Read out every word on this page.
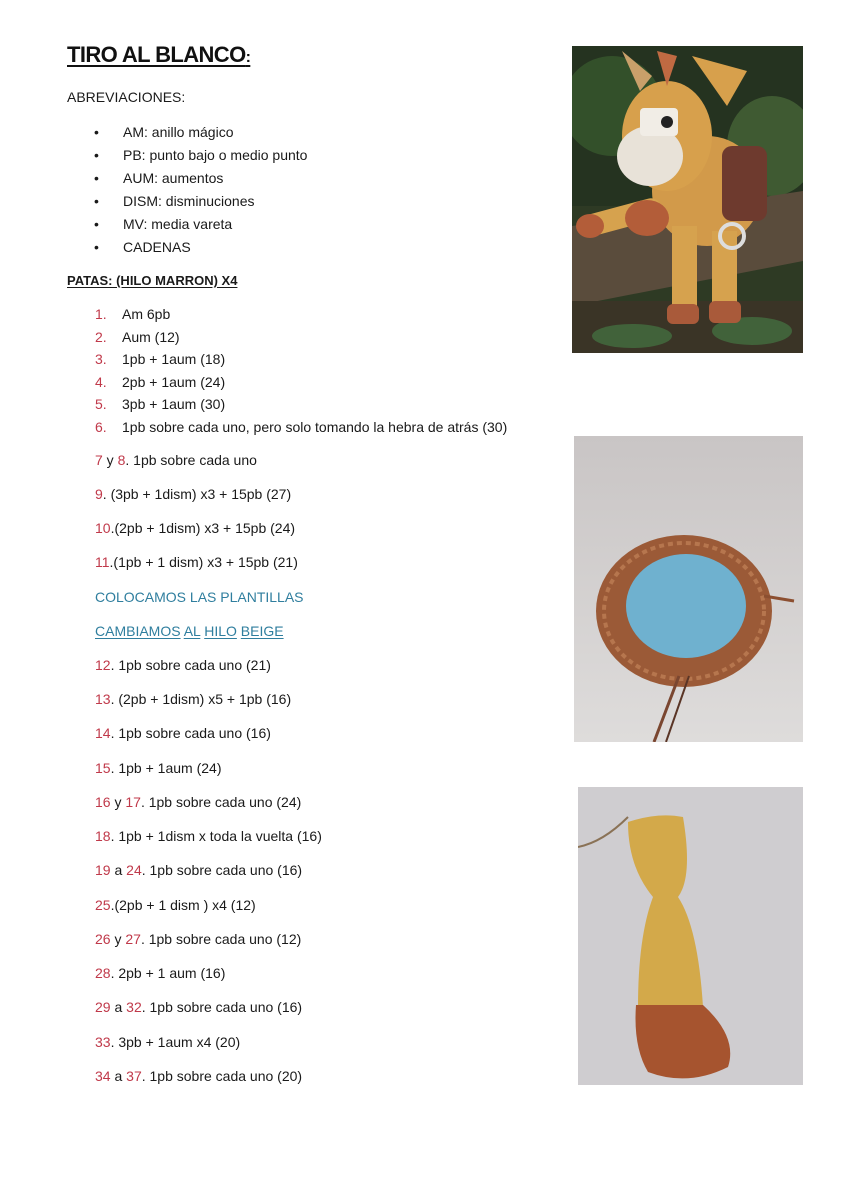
TIRO AL BLANCO:
ABREVIACIONES:
•	AM: anillo mágico
•	PB: punto bajo o medio punto
•	AUM: aumentos
•	DISM: disminuciones
•	MV: media vareta
•	CADENAS
PATAS: (HILO MARRON) X4
1.	Am 6pb
2.	Aum (12)
3.	1pb + 1aum (18)
4.	2pb + 1aum (24)
5.	3pb + 1aum (30)
6.	1pb sobre cada uno, pero solo tomando la hebra de atrás (30)
7 y 8. 1pb sobre cada uno
9. (3pb + 1dism) x3 + 15pb (27)
10.(2pb + 1dism) x3 + 15pb (24)
11.(1pb + 1 dism) x3 + 15pb (21)
COLOCAMOS LAS PLANTILLAS
CAMBIAMOS AL HILO BEIGE
12. 1pb sobre cada uno (21)
13. (2pb + 1dism) x5 + 1pb (16)
14. 1pb sobre cada uno (16)
15. 1pb + 1aum (24)
16 y 17. 1pb sobre cada uno (24)
18. 1pb + 1dism x toda la vuelta (16)
19 a 24. 1pb sobre cada uno (16)
25.(2pb + 1 dism ) x4 (12)
26 y 27. 1pb sobre cada uno (12)
28. 2pb + 1 aum (16)
29 a 32. 1pb sobre cada uno (16)
33. 3pb + 1aum x4 (20)
34 a 37. 1pb sobre cada uno (20)
